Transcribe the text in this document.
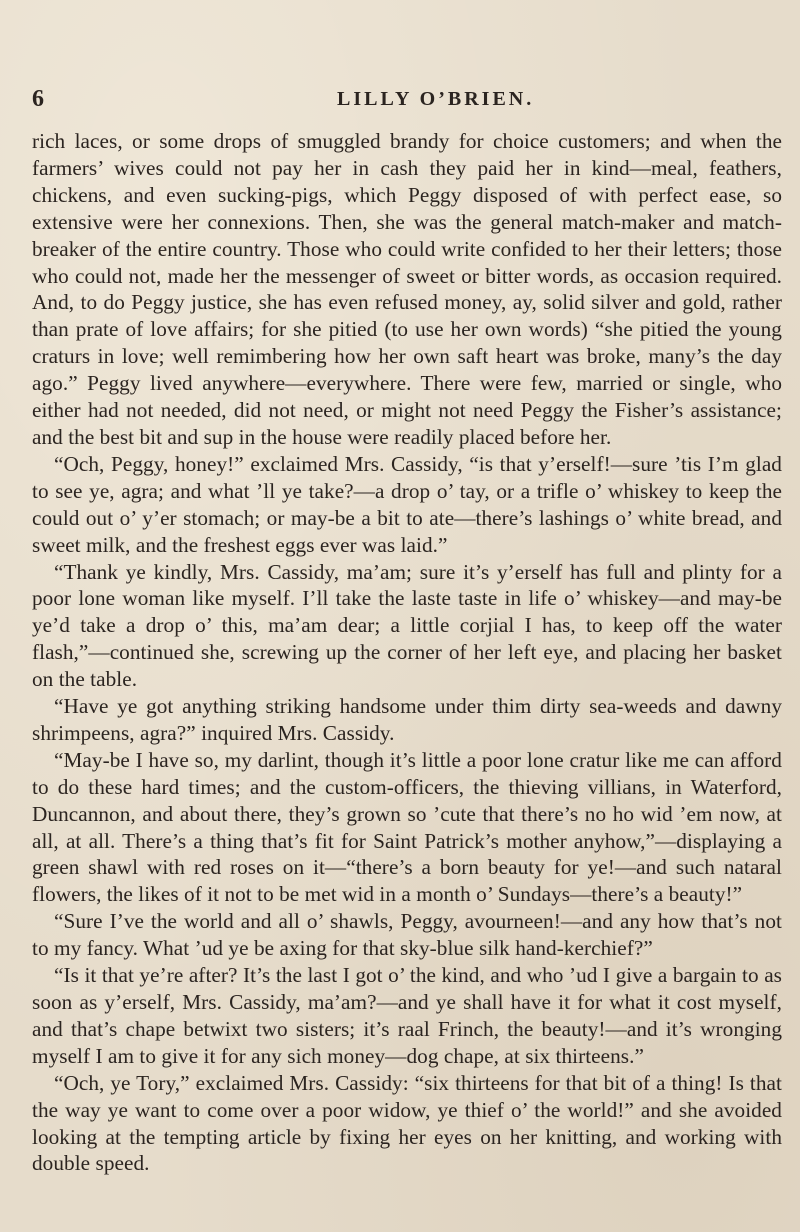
6	LILLY O’BRIEN.

rich laces, or some drops of smuggled brandy for choice customers; and when the farmers’ wives could not pay her in cash they paid her in kind—meal, feathers, chickens, and even sucking-pigs, which Peggy disposed of with perfect ease, so extensive were her connexions. Then, she was the general match-maker and match-breaker of the entire country. Those who could write confided to her their letters; those who could not, made her the messenger of sweet or bitter words, as occasion required. And, to do Peggy justice, she has even refused money, ay, solid silver and gold, rather than prate of love affairs; for she pitied (to use her own words) “she pitied the young craturs in love; well remimbering how her own saft heart was broke, many’s the day ago.” Peggy lived anywhere—everywhere. There were few, married or single, who either had not needed, did not need, or might not need Peggy the Fisher’s assistance; and the best bit and sup in the house were readily placed before her.

“Och, Peggy, honey!” exclaimed Mrs. Cassidy, “is that y’erself!—sure ’tis I’m glad to see ye, agra; and what ’ll ye take?—a drop o’ tay, or a trifle o’ whiskey to keep the could out o’ y’er stomach; or may-be a bit to ate—there’s lashings o’ white bread, and sweet milk, and the freshest eggs ever was laid.”

“Thank ye kindly, Mrs. Cassidy, ma’am; sure it’s y’erself has full and plinty for a poor lone woman like myself. I’ll take the laste taste in life o’ whiskey—and may-be ye’d take a drop o’ this, ma’am dear; a little corjial I has, to keep off the water flash,”—continued she, screwing up the corner of her left eye, and placing her basket on the table.

“Have ye got anything striking handsome under thim dirty sea-weeds and dawny shrimpeens, agra?” inquired Mrs. Cassidy.

“May-be I have so, my darlint, though it’s little a poor lone cratur like me can afford to do these hard times; and the custom-officers, the thieving villians, in Waterford, Duncannon, and about there, they’s grown so ’cute that there’s no ho wid ’em now, at all, at all. There’s a thing that’s fit for Saint Patrick’s mother anyhow,”—displaying a green shawl with red roses on it—“there’s a born beauty for ye!—and such nataral flowers, the likes of it not to be met wid in a month o’ Sundays—there’s a beauty!”

“Sure I’ve the world and all o’ shawls, Peggy, avourneen!—and any how that’s not to my fancy. What ’ud ye be axing for that sky-blue silk hand-kerchief?”

“Is it that ye’re after? It’s the last I got o’ the kind, and who ’ud I give a bargain to as soon as y’erself, Mrs. Cassidy, ma’am?—and ye shall have it for what it cost myself, and that’s chape betwixt two sisters; it’s raal Frinch, the beauty!—and it’s wronging myself I am to give it for any sich money—dog chape, at six thirteens.”

“Och, ye Tory,” exclaimed Mrs. Cassidy: “six thirteens for that bit of a thing! Is that the way ye want to come over a poor widow, ye thief o’ the world!” and she avoided looking at the tempting article by fixing her eyes on her knitting, and working with double speed.
